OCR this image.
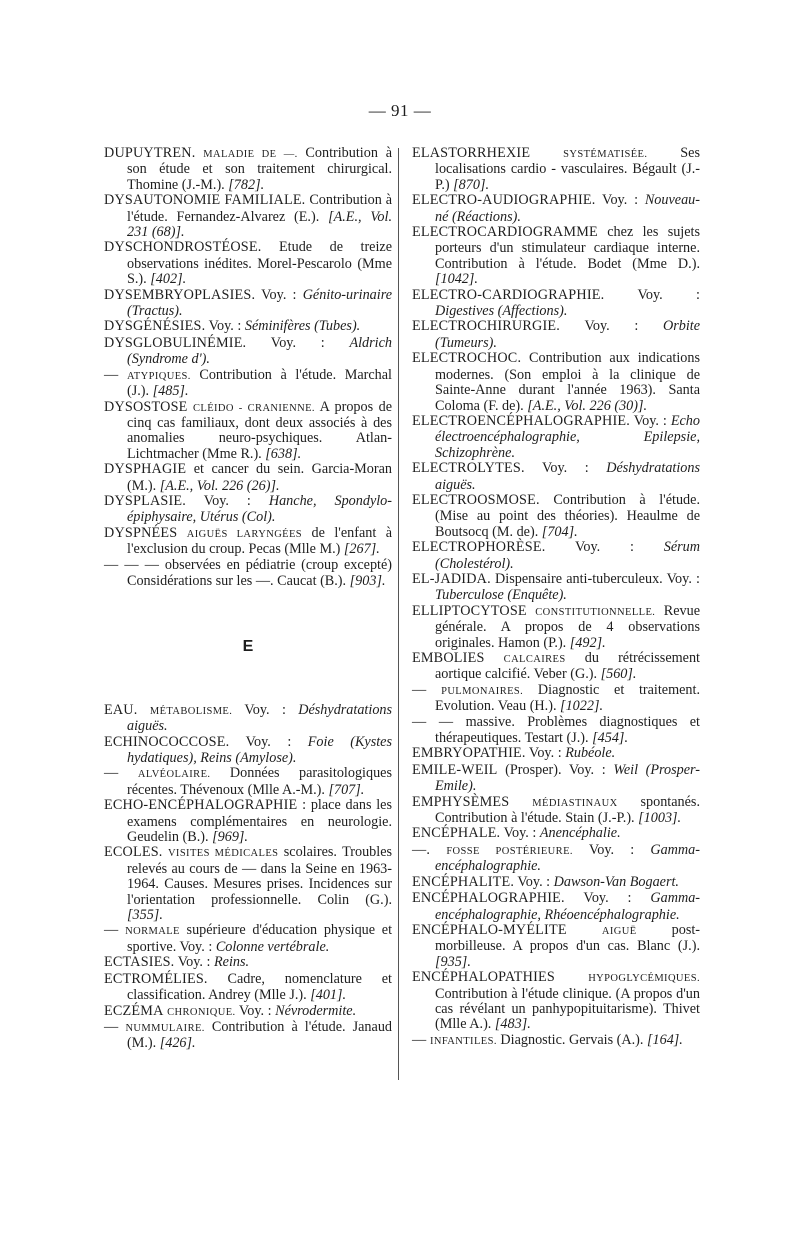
— 91 —

DUPUYTREN. MALADIE DE —. Contribution à son étude et son traitement chirurgical. Thomine (J.-M.). [782].

DYSAUTONOMIE FAMILIALE. Contribution à l'étude. Fernandez-Alvarez (E.). [A.E., Vol. 231 (68)].

DYSCHONDROSTÉOSE. Etude de treize observations inédites. Morel-Pescarolo (Mme S.). [402].

DYSEMBRYOPLASIES. Voy. : Génito-urinaire (Tractus).

DYSGÉNÉSIES. Voy. : Séminifères (Tubes).

DYSGLOBULINÉMIE. Voy. : Aldrich (Syndrome d').

— ATYPIQUES. Contribution à l'étude. Marchal (J.). [485].

DYSOSTOSE CLÉIDO - CRANIENNE. A propos de cinq cas familiaux, dont deux associés à des anomalies neuro-psychiques. Atlan-Lichtmacher (Mme R.). [638].

DYSPHAGIE et cancer du sein. Garcia-Moran (M.). [A.E., Vol. 226 (26)].

DYSPLASIE. Voy. : Hanche, Spondylo-épiphysaire, Utérus (Col).

DYSPNÉES AIGUËS LARYNGÉES de l'enfant à l'exclusion du croup. Pecas (Mlle M.) [267].

— — — observées en pédiatrie (croup excepté) Considérations sur les —. Caucat (B.). [903].

E

EAU. MÉTABOLISME. Voy. : Déshydratations aiguës.

ECHINOCOCCOSE. Voy. : Foie (Kystes hydatiques), Reins (Amylose).

— ALVÉOLAIRE. Données parasitologiques récentes. Thévenoux (Mlle A.-M.). [707].

ECHO-ENCÉPHALOGRAPHIE : place dans les examens complémentaires en neurologie. Geudelin (B.). [969].

ECOLES. VISITES MÉDICALES scolaires. Troubles relevés au cours de — dans la Seine en 1963-1964. Causes. Mesures prises. Incidences sur l'orientation professionnelle. Colin (G.). [355].

— NORMALE supérieure d'éducation physique et sportive. Voy. : Colonne vertébrale.

ECTASIES. Voy. : Reins.

ECTROMÉLIES. Cadre, nomenclature et classification. Andrey (Mlle J.). [401].

ECZÉMA CHRONIQUE. Voy. : Névrodermite.

— NUMMULAIRE. Contribution à l'étude. Janaud (M.). [426].

ELASTORRHEXIE	SYSTÉMATISÉE. Ses localisations cardio - vasculaires. Bégault (J.-P.) [870].

ELECTRO-AUDIOGRAPHIE. Voy. : Nouveau-né (Réactions).

ELECTROCARDIOGRAMME chez les sujets porteurs d'un stimulateur cardiaque interne. Contribution à l'étude. Bodet (Mme D.). [1042].

ELECTRO-CARDIOGRAPHIE. Voy. : Digestives (Affections).

ELECTROCHIRURGIE. Voy. : Orbite (Tumeurs).

ELECTROCHOC. Contribution aux indications modernes. (Son emploi à la clinique de Sainte-Anne durant l'année 1963). Santa Coloma (F. de). [A.E., Vol. 226 (30)].

ELECTROENCÉPHALOGRAPHIE. Voy. : Echo électroencéphalographie, Epilepsie, Schizophrène.

ELECTROLYTES. Voy. : Déshydratations aiguës.

ELECTROOSMOSE. Contribution à l'étude. (Mise au point des théories). Heaulme de Boutsocq (M. de). [704].

ELECTROPHORÈSE. Voy. : Sérum (Cholestérol).

EL-JADIDA. Dispensaire anti-tuberculeux. Voy. : Tuberculose (Enquête).

ELLIPTOCYTOSE CONSTITUTIONNELLE. Revue générale. A propos de 4 observations originales. Hamon (P.). [492].

EMBOLIES CALCAIRES du rétrécissement aortique calcifié. Veber (G.). [560].

— PULMONAIRES. Diagnostic et traitement. Evolution. Veau (H.). [1022].

— — massive. Problèmes diagnostiques et thérapeutiques. Testart (J.). [454].

EMBRYOPATHIE. Voy. : Rubéole.

EMILE-WEIL (Prosper). Voy. : Weil (Prosper-Emile).

EMPHYSÈMES MÉDIASTINAUX spontanés. Contribution à l'étude. Stain (J.-P.). [1003].

ENCÉPHALE. Voy. : Anencéphalie.

—. FOSSE POSTÉRIEURE. Voy. : Gamma-encéphalographie.

ENCÉPHALITE. Voy. : Dawson-Van Bogaert.

ENCÉPHALOGRAPHIE. Voy. : Gamma-encéphalographie, Rhéoencéphalographie.

ENCÉPHALO-MYÉLITE	AIGUË post-morbilleuse. A propos d'un cas. Blanc (J.). [935].

ENCÉPHALOPATHIES	HYPOGLYCÉMIQUES. Contribution à l'étude clinique. (A propos d'un cas révélant un panhypopituitarisme). Thivet (Mlle A.). [483].

— INFANTILES. Diagnostic. Gervais (A.). [164].
